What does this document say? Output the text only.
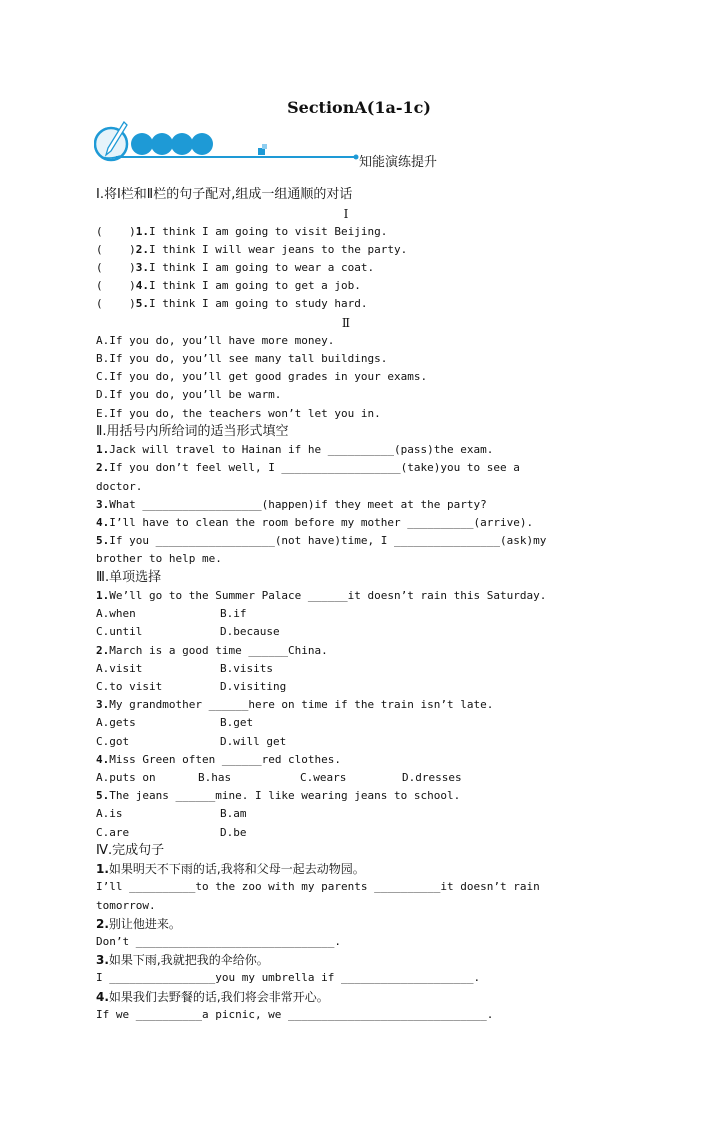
SectionA(1a-1c)
知能演练提升
Ⅰ.将Ⅰ栏和Ⅱ栏的句子配对,组成一组通顺的对话
Ⅰ
(    )1.I think I am going to visit Beijing.
(    )2.I think I will wear jeans to the party.
(    )3.I think I am going to wear a coat.
(    )4.I think I am going to get a job.
(    )5.I think I am going to study hard.
Ⅱ
A.If you do, you’ll have more money.
B.If you do, you’ll see many tall buildings.
C.If you do, you’ll get good grades in your exams.
D.If you do, you’ll be warm.
E.If you do, the teachers won’t let you in.
Ⅱ.用括号内所给词的适当形式填空
1.Jack will travel to Hainan if he __________(pass)the exam.
2.If you don’t feel well, I __________________(take)you to see a
doctor.
3.What __________________(happen)if they meet at the party?
4.I’ll have to clean the room before my mother __________(arrive).
5.If you __________________(not have)time, I ________________(ask)my
brother to help me.
Ⅲ.单项选择
1.We’ll go to the Summer Palace ______it doesn’t rain this Saturday.
A.when	B.if
C.until	D.because
2.March is a good time ______China.
A.visit	B.visits
C.to visit	D.visiting
3.My grandmother ______here on time if the train isn’t late.
A.gets	B.get
C.got	D.will get
4.Miss Green often ______red clothes.
A.puts on	B.has	C.wears	D.dresses
5.The jeans ______mine. I like wearing jeans to school.
A.is	B.am
C.are	D.be
Ⅳ.完成句子
1.如果明天不下雨的话,我将和父母一起去动物园。
I’ll __________to the zoo with my parents __________it doesn’t rain
tomorrow.
2.别让他进来。
Don’t ______________________________.
3.如果下雨,我就把我的伞给你。
I ________________you my umbrella if ____________________.
4.如果我们去野餐的话,我们将会非常开心。
If we __________a picnic, we ______________________________.
